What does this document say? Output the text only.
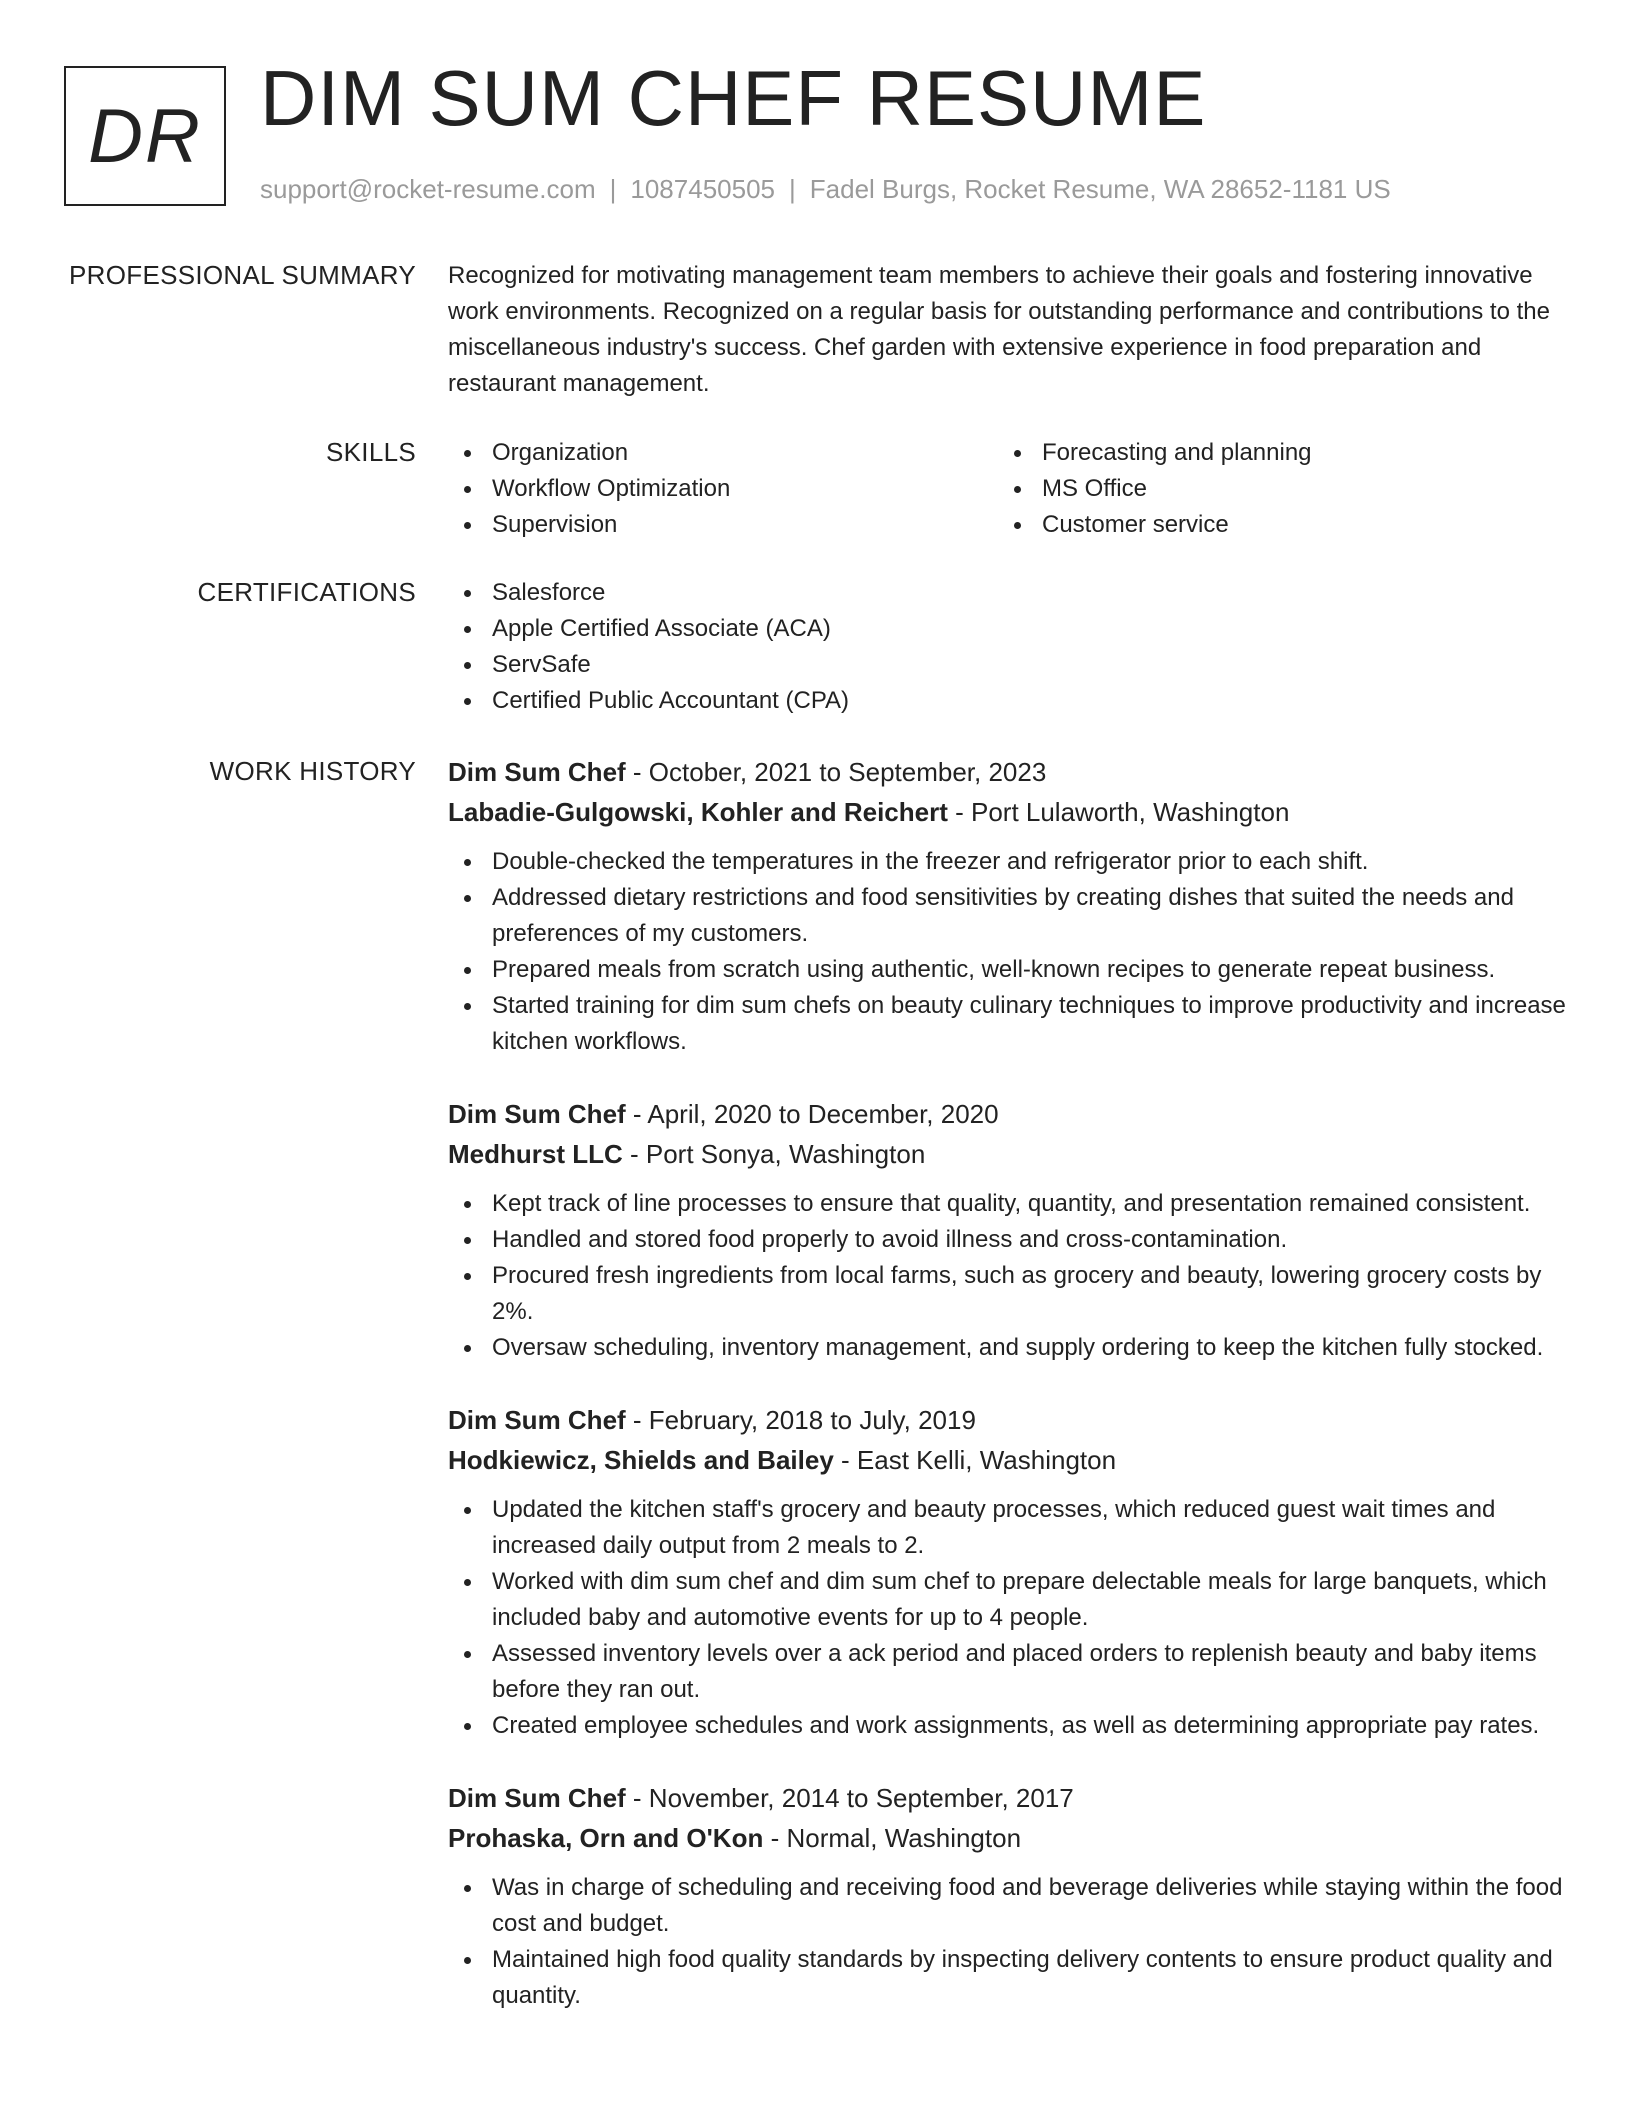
DR DIM SUM CHEF RESUME
support@rocket-resume.com | 1087450505 | Fadel Burgs, Rocket Resume, WA 28652-1181 US
PROFESSIONAL SUMMARY Recognized for motivating management team members to achieve their goals and fostering innovative work environments. Recognized on a regular basis for outstanding performance and contributions to the miscellaneous industry's success. Chef garden with extensive experience in food preparation and restaurant management.

SKILLS	Organization
Workflow Optimization
Supervision
Forecasting and planning
MS Office
Customer service
CERTIFICATIONS	Salesforce
Apple Certified Associate (ACA)
ServSafe
Certified Public Accountant (CPA)
WORK HISTORY Dim Sum Chef - October, 2021 to September, 2023
Labadie-Gulgowski, Kohler and Reichert - Port Lulaworth, Washington
Double-checked the temperatures in the freezer and refrigerator prior to each shift.
Addressed dietary restrictions and food sensitivities by creating dishes that suited the needs and preferences of my customers.
Prepared meals from scratch using authentic, well-known recipes to generate repeat business.
Started training for dim sum chefs on beauty culinary techniques to improve productivity and increase kitchen workflows.
Dim Sum Chef - April, 2020 to December, 2020
Medhurst LLC - Port Sonya, Washington
Kept track of line processes to ensure that quality, quantity, and presentation remained consistent.
Handled and stored food properly to avoid illness and cross-contamination.
Procured fresh ingredients from local farms, such as grocery and beauty, lowering grocery costs by 2%.
Oversaw scheduling, inventory management, and supply ordering to keep the kitchen fully stocked.
Dim Sum Chef - February, 2018 to July, 2019
Hodkiewicz, Shields and Bailey - East Kelli, Washington
Updated the kitchen staff's grocery and beauty processes, which reduced guest wait times and increased daily output from 2 meals to 2.
Worked with dim sum chef and dim sum chef to prepare delectable meals for large banquets, which included baby and automotive events for up to 4 people.
Assessed inventory levels over a ack period and placed orders to replenish beauty and baby items before they ran out.
Created employee schedules and work assignments, as well as determining appropriate pay rates.
Dim Sum Chef - November, 2014 to September, 2017
Prohaska, Orn and O'Kon - Normal, Washington
Was in charge of scheduling and receiving food and beverage deliveries while staying within the food cost and budget.
Maintained high food quality standards by inspecting delivery contents to ensure product quality and quantity.
